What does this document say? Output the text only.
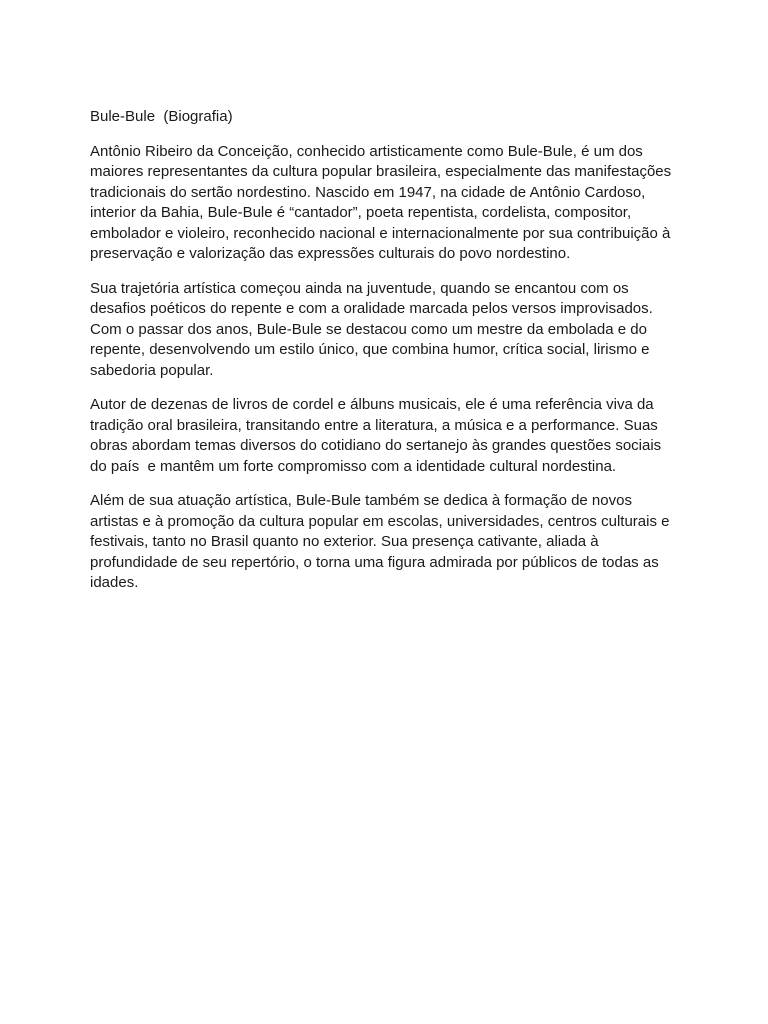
Bule-Bule  (Biografia)
Antônio Ribeiro da Conceição, conhecido artisticamente como Bule-Bule, é um dos
maiores representantes da cultura popular brasileira, especialmente das manifestações
tradicionais do sertão nordestino. Nascido em 1947, na cidade de Antônio Cardoso,
interior da Bahia, Bule-Bule é “cantador”, poeta repentista, cordelista, compositor,
embolador e violeiro, reconhecido nacional e internacionalmente por sua contribuição à
preservação e valorização das expressões culturais do povo nordestino.
Sua trajetória artística começou ainda na juventude, quando se encantou com os
desafios poéticos do repente e com a oralidade marcada pelos versos improvisados.
Com o passar dos anos, Bule-Bule se destacou como um mestre da embolada e do
repente, desenvolvendo um estilo único, que combina humor, crítica social, lirismo e
sabedoria popular.
Autor de dezenas de livros de cordel e álbuns musicais, ele é uma referência viva da
tradição oral brasileira, transitando entre a literatura, a música e a performance. Suas
obras abordam temas diversos do cotidiano do sertanejo às grandes questões sociais
do país  e mantêm um forte compromisso com a identidade cultural nordestina.
Além de sua atuação artística, Bule-Bule também se dedica à formação de novos
artistas e à promoção da cultura popular em escolas, universidades, centros culturais e
festivais, tanto no Brasil quanto no exterior. Sua presença cativante, aliada à
profundidade de seu repertório, o torna uma figura admirada por públicos de todas as
idades.
